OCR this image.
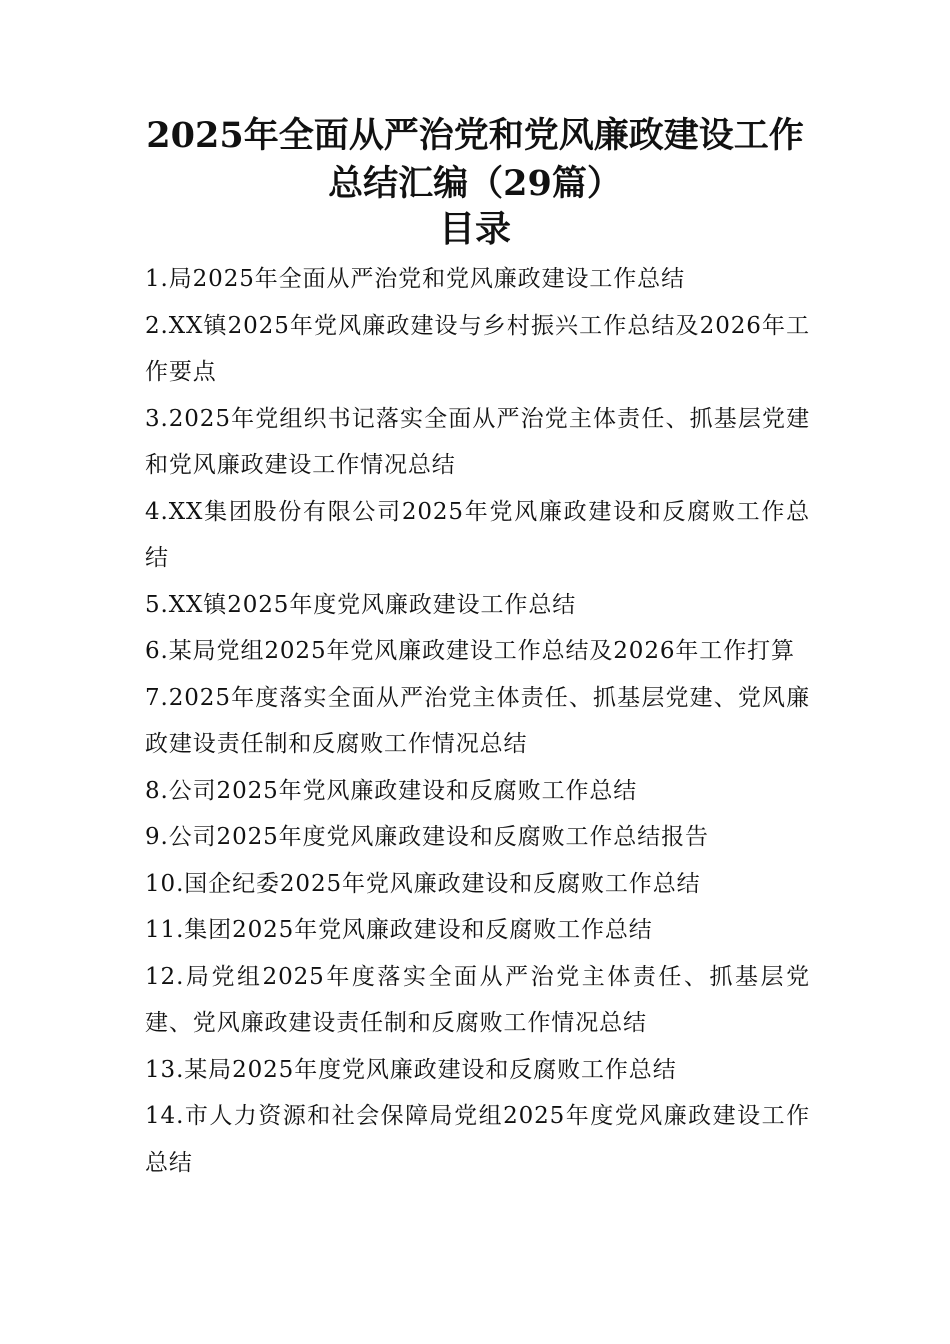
2025年全面从严治党和党风廉政建设工作
总结汇编（29篇）
目录
1.局2025年全面从严治党和党风廉政建设工作总结
2.XX镇2025年党风廉政建设与乡村振兴工作总结及2026年工作要点
3.2025年党组织书记落实全面从严治党主体责任、抓基层党建和党风廉政建设工作情况总结
4.XX集团股份有限公司2025年党风廉政建设和反腐败工作总结
5.XX镇2025年度党风廉政建设工作总结
6.某局党组2025年党风廉政建设工作总结及2026年工作打算
7.2025年度落实全面从严治党主体责任、抓基层党建、党风廉政建设责任制和反腐败工作情况总结
8.公司2025年党风廉政建设和反腐败工作总结
9.公司2025年度党风廉政建设和反腐败工作总结报告
10.国企纪委2025年党风廉政建设和反腐败工作总结
11.集团2025年党风廉政建设和反腐败工作总结
12.局党组2025年度落实全面从严治党主体责任、抓基层党建、党风廉政建设责任制和反腐败工作情况总结
13.某局2025年度党风廉政建设和反腐败工作总结
14.市人力资源和社会保障局党组2025年度党风廉政建设工作总结
